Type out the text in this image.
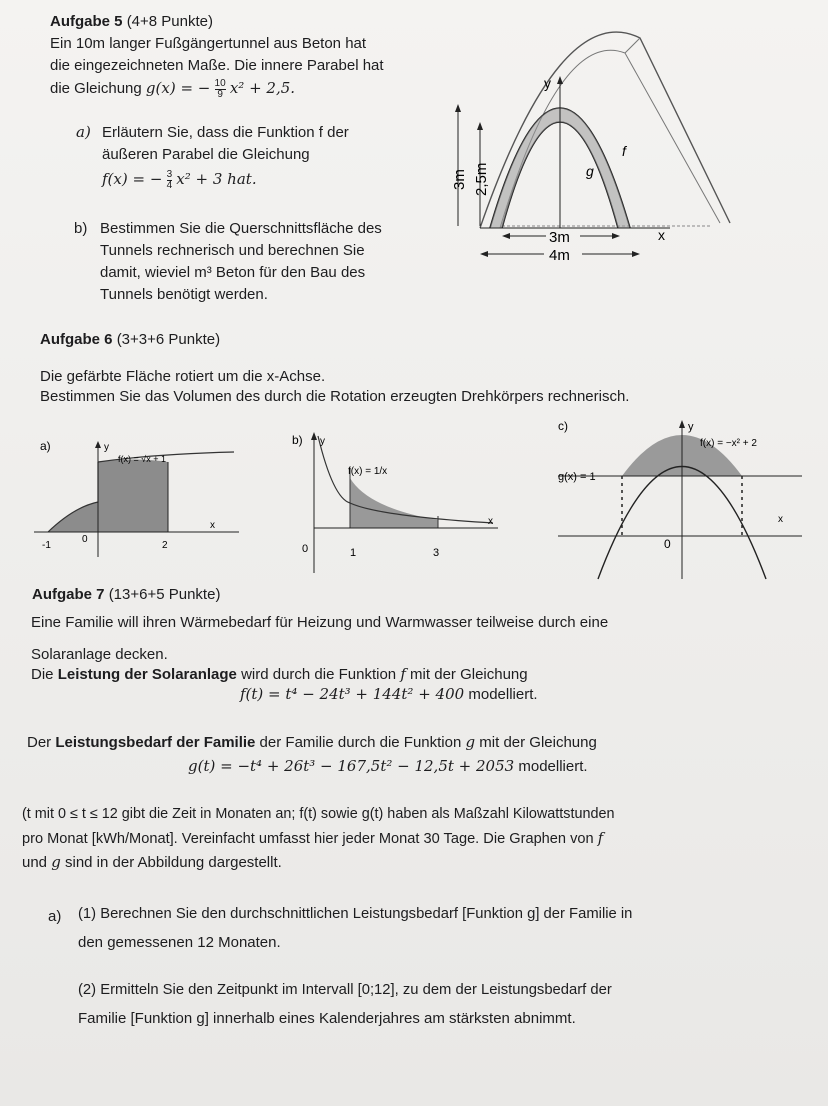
Aufgabe 5 (4+8 Punkte)
Ein 10m langer Fußgängertunnel aus Beton hat
die eingezeichneten Maße. Die innere Parabel hat
die Gleichung g(x) = − $\frac{10}{9} x^2 + 2,5$.
a) Erläutern Sie, dass die Funktion f der
äußeren Parabel die Gleichung
f(x) = − $\frac{3}{4} x^2 + 3$ hat.
b) Bestimmen Sie die Querschnittsfläche des
Tunnels rechnerisch und berechnen Sie
damit, wieviel m³ Beton für den Bau des
Tunnels benötigt werden.
y
x
f
g
3m 2,5m
3m
4m
Aufgabe 6 (3+3+6 Punkte)
Die gefärbte Fläche rotiert um die x-Achse.
Bestimmen Sie das Volumen des durch die Rotation erzeugten Drehkörpers rechnerisch.
a)	y
f(x) = √x + 1
x
-1
0
2
b) y
f(x) = 1/x
x
0	1	3
c)	y
f(x) = −x² + 2
g(x) = 1
x
0
Aufgabe 7 (13+6+5 Punkte)
Eine Familie will ihren Wärmebedarf für Heizung und Warmwasser teilweise durch eine
Solaranlage decken.
Die Leistung der Solaranlage wird durch die Funktion f mit der Gleichung
f(t) = t⁴ − 24t³ + 144t² + 400 modelliert.
Der Leistungsbedarf der Familie der Familie durch die Funktion g mit der Gleichung
g(t) = −t⁴ + 26t³ − 167,5t² − 12,5t + 2053 modelliert.
(t mit 0 ≤ t ≤ 12 gibt die Zeit in Monaten an; f(t) sowie g(t) haben als Maßzahl Kilowattstunden
pro Monat [kWh/Monat]. Vereinfacht umfasst hier jeder Monat 30 Tage. Die Graphen von f
und g sind in der Abbildung dargestellt.
a) (1) Berechnen Sie den durchschnittlichen Leistungsbedarf [Funktion g] der Familie in
den gemessenen 12 Monaten.
(2) Ermitteln Sie den Zeitpunkt im Intervall [0;12], zu dem der Leistungsbedarf der
Familie [Funktion g] innerhalb eines Kalenderjahres am stärksten abnimmt.
